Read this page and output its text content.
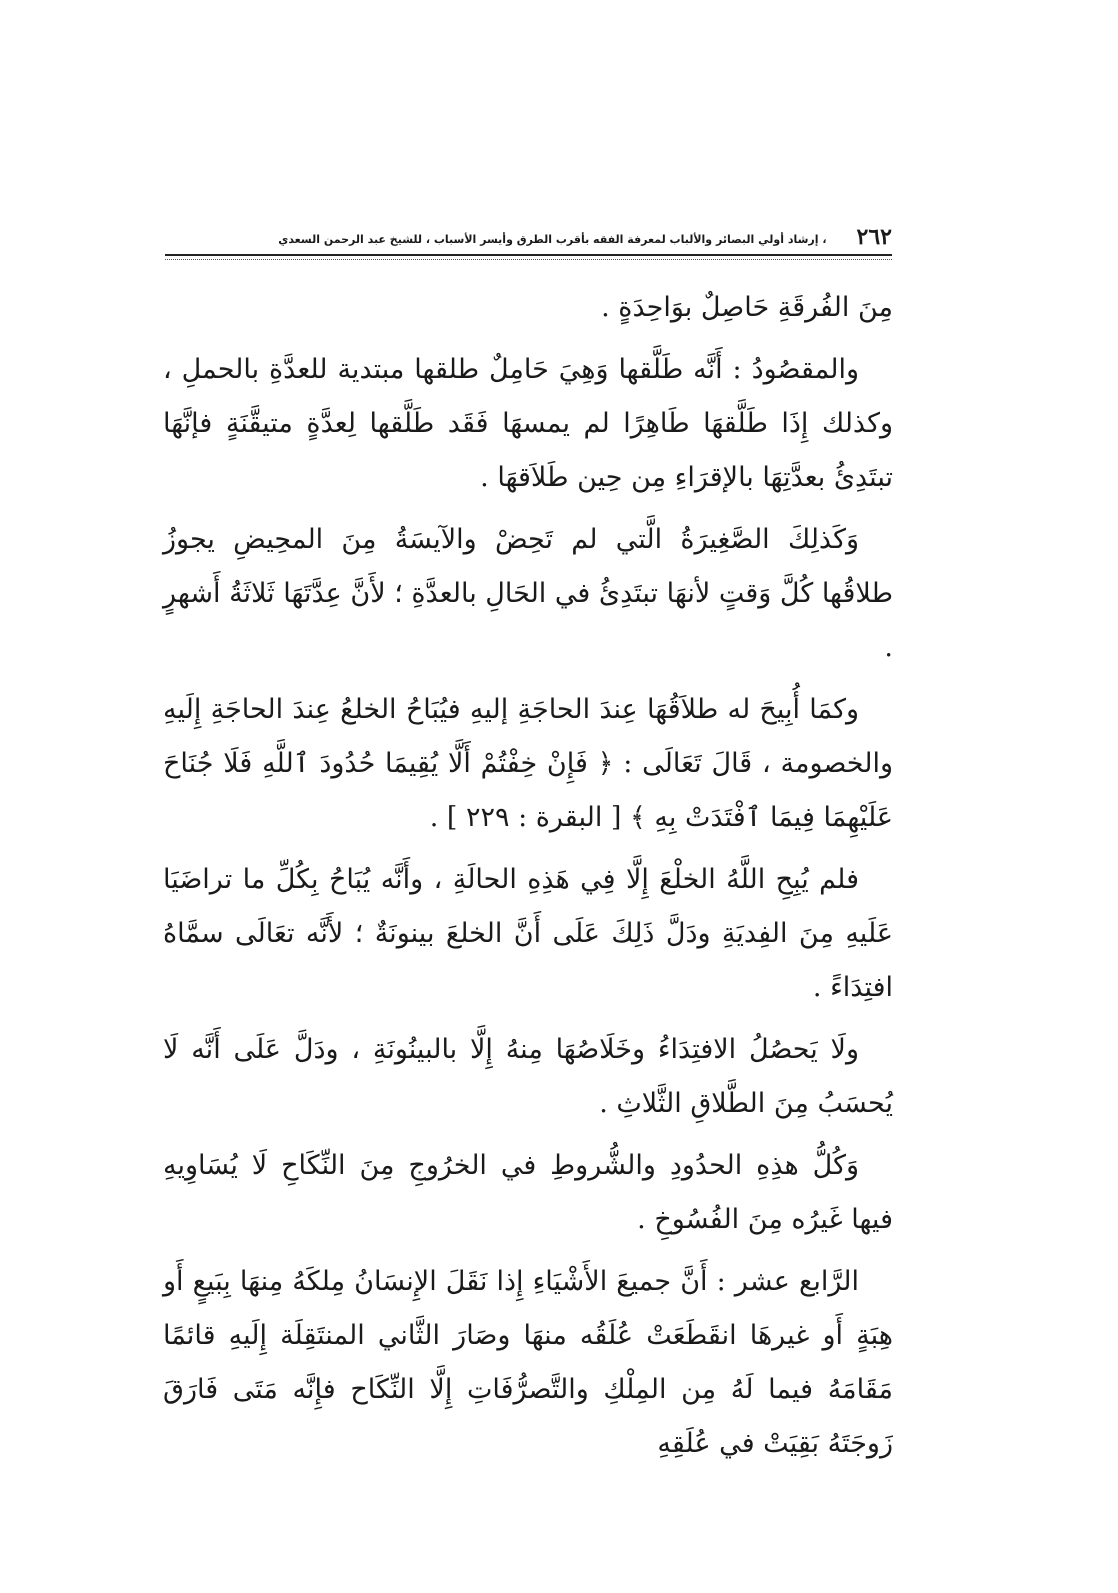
٢٦٢
، إرشاد أولي البصائر والألباب لمعرفة الفقه بأقرب الطرق وأيسر الأسباب ، للشيخ عبد الرحمن السعدي

مِنَ الفُرقَةِ حَاصِلٌ بوَاحِدَةٍ .

والمقصُودُ : أَنَّه طَلَّقها وَهِيَ حَامِلٌ طلقها مبتدية للعدَّةِ بالحملِ ، وكذلك إِذَا طَلَّقهَا طَاهِرًا لم يمسهَا فَقَد طَلَّقها لِعدَّةٍ متيقَّنَةٍ فإنَّهَا تبتَدِئُ بعدَّتِهَا بالإقرَاءِ مِن حِين طَلاَقهَا .

وَكَذلِكَ الصَّغِيرَةُ الَّتي لم تَحِضْ والآيسَةُ مِنَ المحِيضِ يجوزُ طلاقُها كُلَّ وَقتٍ لأنهَا تبتَدِئُ في الحَالِ بالعدَّةِ ؛ لأَنَّ عِدَّتَهَا ثَلاثَةُ أَشهرٍ .

وكمَا أُبِيحَ له طلاَقُهَا عِندَ الحاجَةِ إليهِ فيُبَاحُ الخلعُ عِندَ الحاجَةِ إِلَيهِ والخصومة ، قَالَ تَعَالَى : ﴿ فَإِنْ خِفْتُمْ أَلَّا يُقِيمَا حُدُودَ ٱللَّهِ فَلَا جُنَاحَ عَلَيْهِمَا فِيمَا ٱفْتَدَتْ بِهِ ﴾ [ البقرة : ٢٢٩ ] .

فلم يُبِحِ اللَّهُ الخلْعَ إِلَّا فِي هَذِهِ الحالَةِ ، وأَنَّه يُبَاحُ بِكُلِّ ما تراضَيَا عَلَيهِ مِنَ الفِديَةِ ودَلَّ ذَلِكَ عَلَى أَنَّ الخلعَ بينونَةٌ ؛ لأَنَّه تعَالَى سمَّاهُ افتِدَاءً .

ولَا يَحصُلُ الافتِدَاءُ وخَلَاصُهَا مِنهُ إِلَّا بالبينُونَةِ ، ودَلَّ عَلَى أَنَّه لَا يُحسَبُ مِنَ الطَّلاقِ الثَّلاثِ .

وَكُلُّ هذِهِ الحدُودِ والشُّروطِ في الخرُوجِ مِنَ النِّكَاحِ لَا يُسَاوِيهِ فيها غَيرُه مِنَ الفُسُوخِ .

الرَّابع عشر : أَنَّ جميعَ الأَشْيَاءِ إِذا نَقَلَ الإِنسَانُ مِلكَهُ مِنهَا بِبَيعٍ أَو هِبَةٍ أَو غيرهَا انقَطَعَتْ عُلَقُه منهَا وصَارَ الثَّاني المنتَقِلَة إِلَيهِ قائمًا مَقَامَهُ فيما لَهُ مِن المِلْكِ والتَّصرُّفَاتِ إِلَّا النِّكَاح فإِنَّه مَتَى فَارَقَ زَوجَتَهُ بَقِيَتْ في عُلَقِهِ
